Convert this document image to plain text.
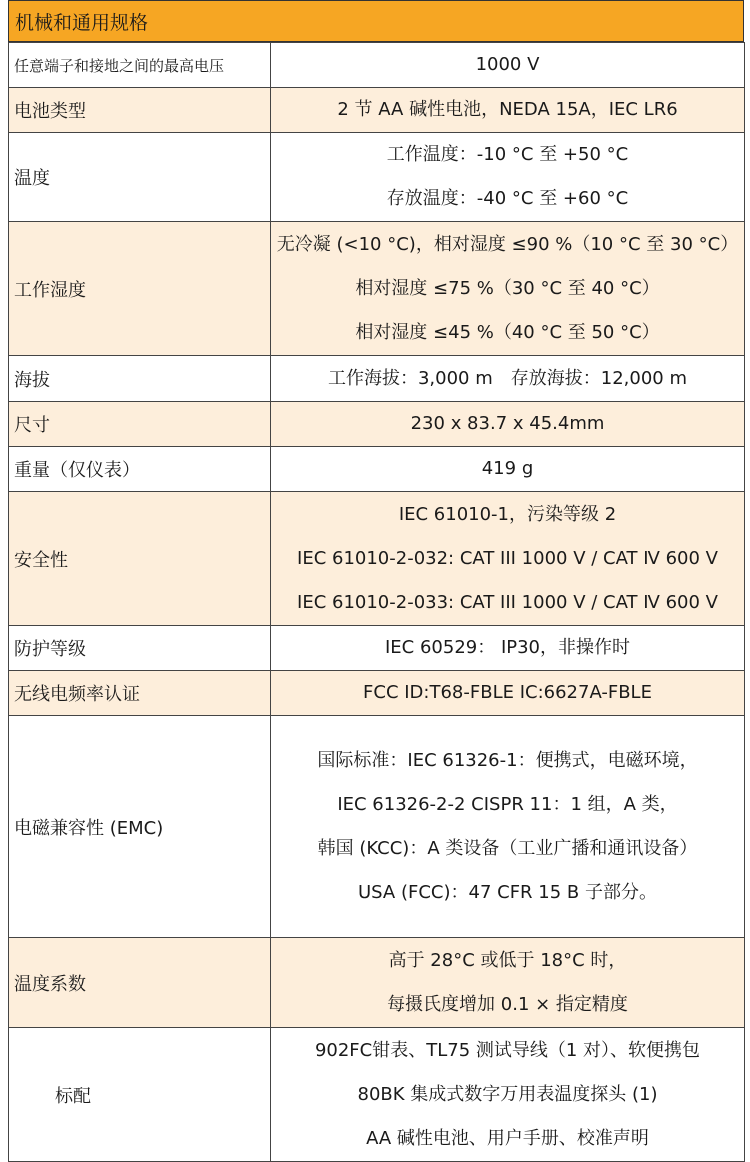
机械和通用规格
任意端子和接地之间的最高电压	1000 V

电池类型	2 节 AA 碱性电池，NEDA 15A，IEC LR6

温度	工作温度：-10 °C 至 +50 °C
存放温度：-40 °C 至 +60 °C

工作湿度	无冷凝 (<10 °C)，相对湿度 ≤90 %（10 °C 至 30 °C）
相对湿度 ≤75 %（30 °C 至 40 °C）
相对湿度 ≤45 %（40 °C 至 50 °C）

海拔	工作海拔：3,000 m　存放海拔：12,000 m

尺寸	230 x 83.7 x 45.4mm

重量（仅仪表）	419 g

安全性	IEC 61010-1，污染等级 2
IEC 61010-2-032: CAT III 1000 V / CAT Ⅳ 600 V
IEC 61010-2-033: CAT III 1000 V / CAT Ⅳ 600 V

防护等级	IEC 60529： IP30，非操作时

无线电频率认证	FCC ID:T68-FBLE IC:6627A-FBLE

电磁兼容性 (EMC)	国际标准：IEC 61326-1：便携式，电磁环境，
IEC 61326-2-2 CISPR 11：1 组，A 类，
韩国 (KCC)：A 类设备（工业广播和通讯设备）
USA (FCC)：47 CFR 15 B 子部分。

温度系数	高于 28°C 或低于 18°C 时，
每摄氏度增加 0.1 × 指定精度

标配	902FC钳表、TL75 测试导线（1 对）、软便携包
80BK 集成式数字万用表温度探头 (1)
AA 碱性电池、用户手册、校准声明
